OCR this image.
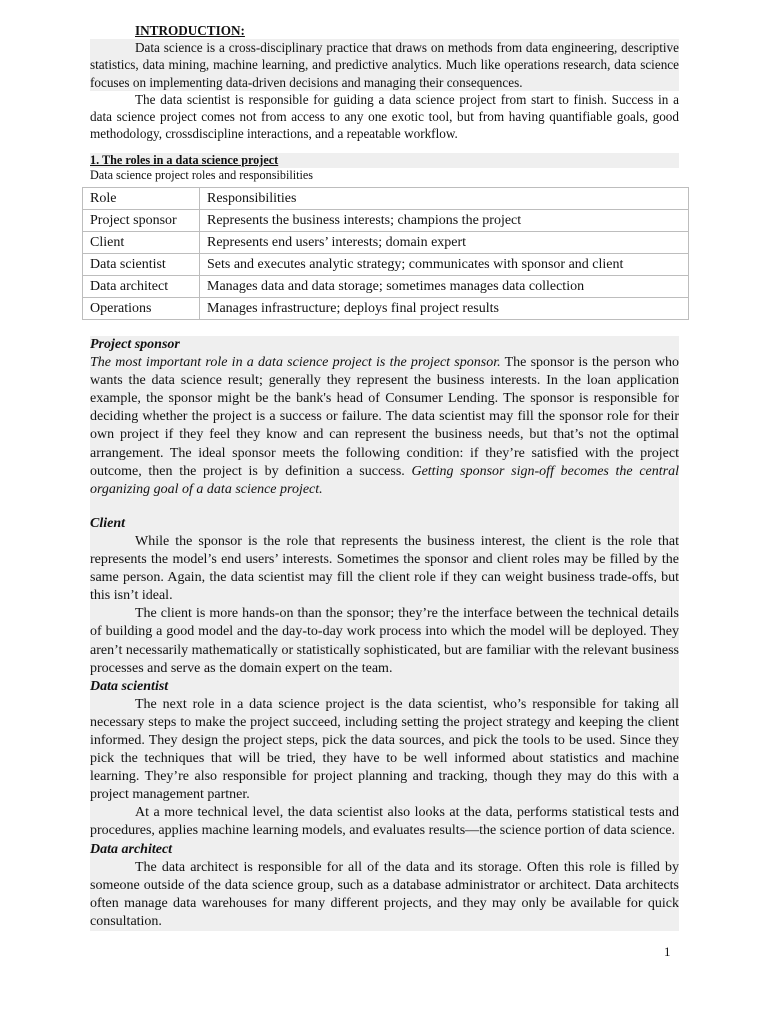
INTRODUCTION:

Data science is a cross-disciplinary practice that draws on methods from data engineering, descriptive statistics, data mining, machine learning, and predictive analytics. Much like operations research, data science focuses on implementing data-driven decisions and managing their consequences.

The data scientist is responsible for guiding a data science project from start to finish. Success in a data science project comes not from access to any one exotic tool, but from having quantifiable goals, good methodology, crossdiscipline interactions, and a repeatable workflow.

1. The roles in a data science project

Data science project roles and responsibilities

Role	Responsibilities
Project sponsor	Represents the business interests; champions the project
Client	Represents end users’ interests; domain expert
Data scientist	Sets and executes analytic strategy; communicates with sponsor and client
Data architect	Manages data and data storage; sometimes manages data collection
Operations	Manages infrastructure; deploys final project results

Project sponsor

The most important role in a data science project is the project sponsor. The sponsor is the person who wants the data science result; generally they represent the business interests. In the loan application example, the sponsor might be the bank's head of Consumer Lending. The sponsor is responsible for deciding whether the project is a success or failure. The data scientist may fill the sponsor role for their own project if they feel they know and can represent the business needs, but that’s not the optimal arrangement. The ideal sponsor meets the following condition: if they’re satisfied with the project outcome, then the project is by definition a success. Getting sponsor sign-off becomes the central organizing goal of a data science project.

Client

While the sponsor is the role that represents the business interest, the client is the role that represents the model’s end users’ interests. Sometimes the sponsor and client roles may be filled by the same person. Again, the data scientist may fill the client role if they can weight business trade-offs, but this isn’t ideal.

The client is more hands-on than the sponsor; they’re the interface between the technical details of building a good model and the day-to-day work process into which the model will be deployed. They aren’t necessarily mathematically or statistically sophisticated, but are familiar with the relevant business processes and serve as the domain expert on the team.

Data scientist

The next role in a data science project is the data scientist, who’s responsible for taking all necessary steps to make the project succeed, including setting the project strategy and keeping the client informed. They design the project steps, pick the data sources, and pick the tools to be used. Since they pick the techniques that will be tried, they have to be well informed about statistics and machine learning. They’re also responsible for project planning and tracking, though they may do this with a project management partner.

At a more technical level, the data scientist also looks at the data, performs statistical tests and procedures, applies machine learning models, and evaluates results—the science portion of data science.

Data architect

The data architect is responsible for all of the data and its storage. Often this role is filled by someone outside of the data science group, such as a database administrator or architect. Data architects often manage data warehouses for many different projects, and they may only be available for quick consultation.

1
